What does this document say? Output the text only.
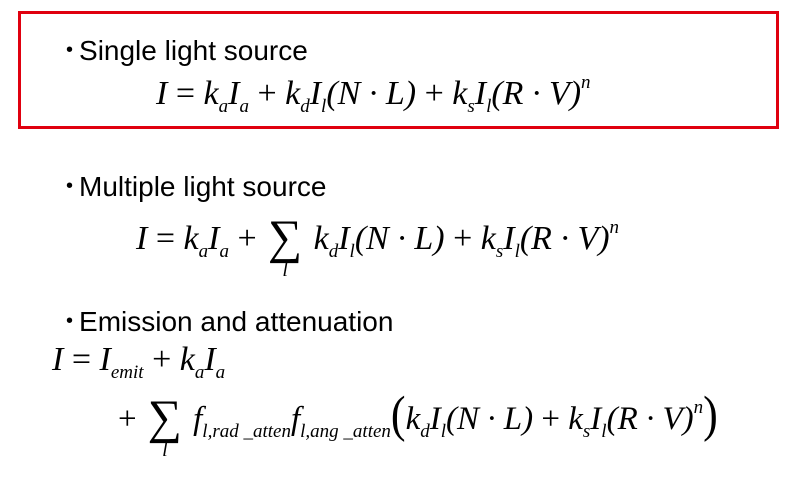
• Single light source
$I = k_aI_a + k_dI_l(N \cdot L) + k_sI_l(R \cdot V)^n$
• Multiple light source
$I = k_aI_a$ + ∑
l
$k_dI_l(N \cdot L) + k_sI_l(R \cdot V)^n$
• Emission and attenuation
$I = I_{emit} + k_aI_a$
+ ∑
l
$f_{l,rad \_atten}f_{l,ang \_atten}(k_dI_l(N \cdot L) + k_sI_l(R \cdot V)^n)$
